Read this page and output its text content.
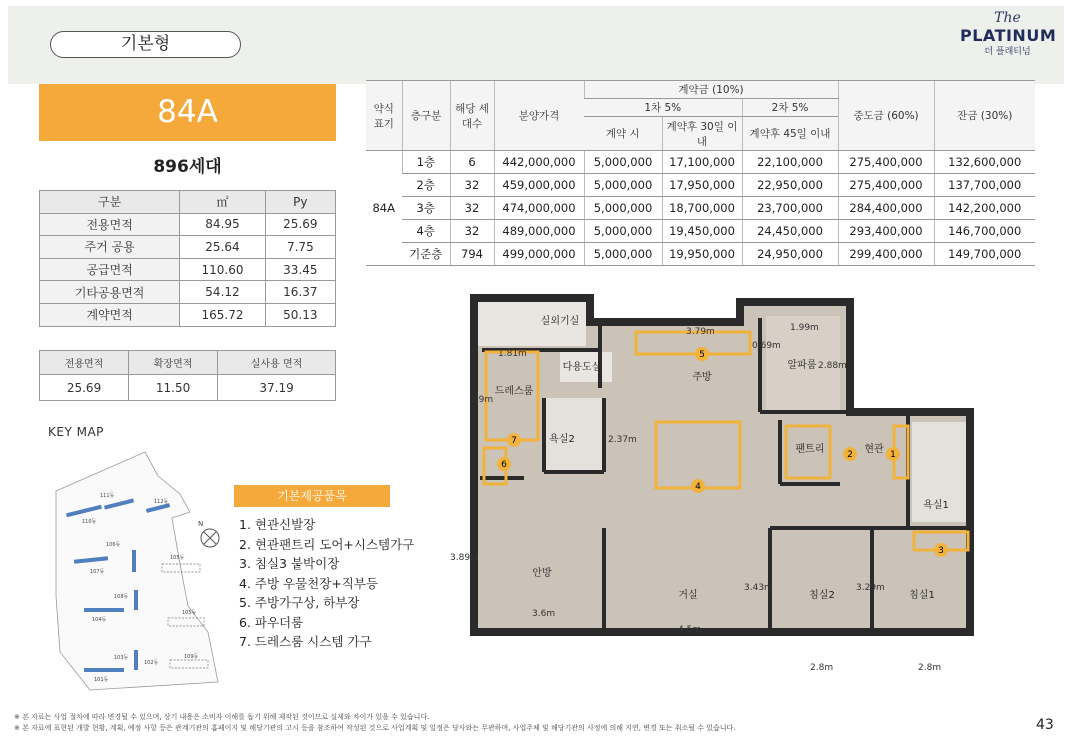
기본형
The
PLATINUM
더 플래티넘
84A
896세대
구분	㎡	Py
전용면적	84.95	25.69
주거 공용	25.64	7.75
공급면적	110.60	33.45
기타공용면적	54.12	16.37
계약면적	165.72	50.13
전용면적	확장면적	실사용 면적
25.69	11.50	37.19
약식 표기	층구분	해당 세대수	분양가격	계약금 (10%)			중도금 (60%)	잔금 (30%)
				1차 5%		2차 5%		
				계약 시	계약후 30일 이내	계약후 45일 이내		
84A	1층	6	442,000,000	5,000,000	17,100,000	22,100,000	275,400,000	132,600,000
	2층	32	459,000,000	5,000,000	17,950,000	22,950,000	275,400,000	137,700,000
	3층	32	474,000,000	5,000,000	18,700,000	23,700,000	284,400,000	142,200,000
	4층	32	489,000,000	5,000,000	19,450,000	24,450,000	293,400,000	146,700,000
	기준층	794	499,000,000	5,000,000	19,950,000	24,950,000	299,400,000	149,700,000
KEY MAP
111동
112동
110동
106동
107동
105동
108동
104동
103동
102동
101동
105동
109동
N
기본제공품목
1. 현관신발장
2. 현관팬트리 도어+시스템가구
3. 침실3 붙박이장
4. 주방 우물천장+직부등
5. 주방가구상, 하부장
6. 파우더룸
7. 드레스룸 시스템 가구
실외기실
다용도실
주방
알파룸
드레스룸
욕실2
팬트리	현관
욕실1
안방
거실	침실2	침실1
3.79m	1.99m
0.69m
1.81m
2.88m
2.9m
2.37m
3.89m
3.43m	3.29m
3.6m
4.5m
2.8m	2.8m
1
2
3
4
5
6
7
※ 본 자료는 사업 절차에 따라 변경될 수 있으며, 상기 내용은 소비자 이해를 돕기 위해 제작된 것이므로 실제와 차이가 있을 수 있습니다.
※ 본 자료에 표현된 개발 현황, 계획, 예정 사항 등은 관계기관의 홈페이지 및 해당기관의 고시 등을 참조하여 작성된 것으로 사업계획 및 일정은 당사와는 무관하며, 사업주체 및 해당기관의 사정에 의해 지연, 변경 또는 취소될 수 있습니다.	43
